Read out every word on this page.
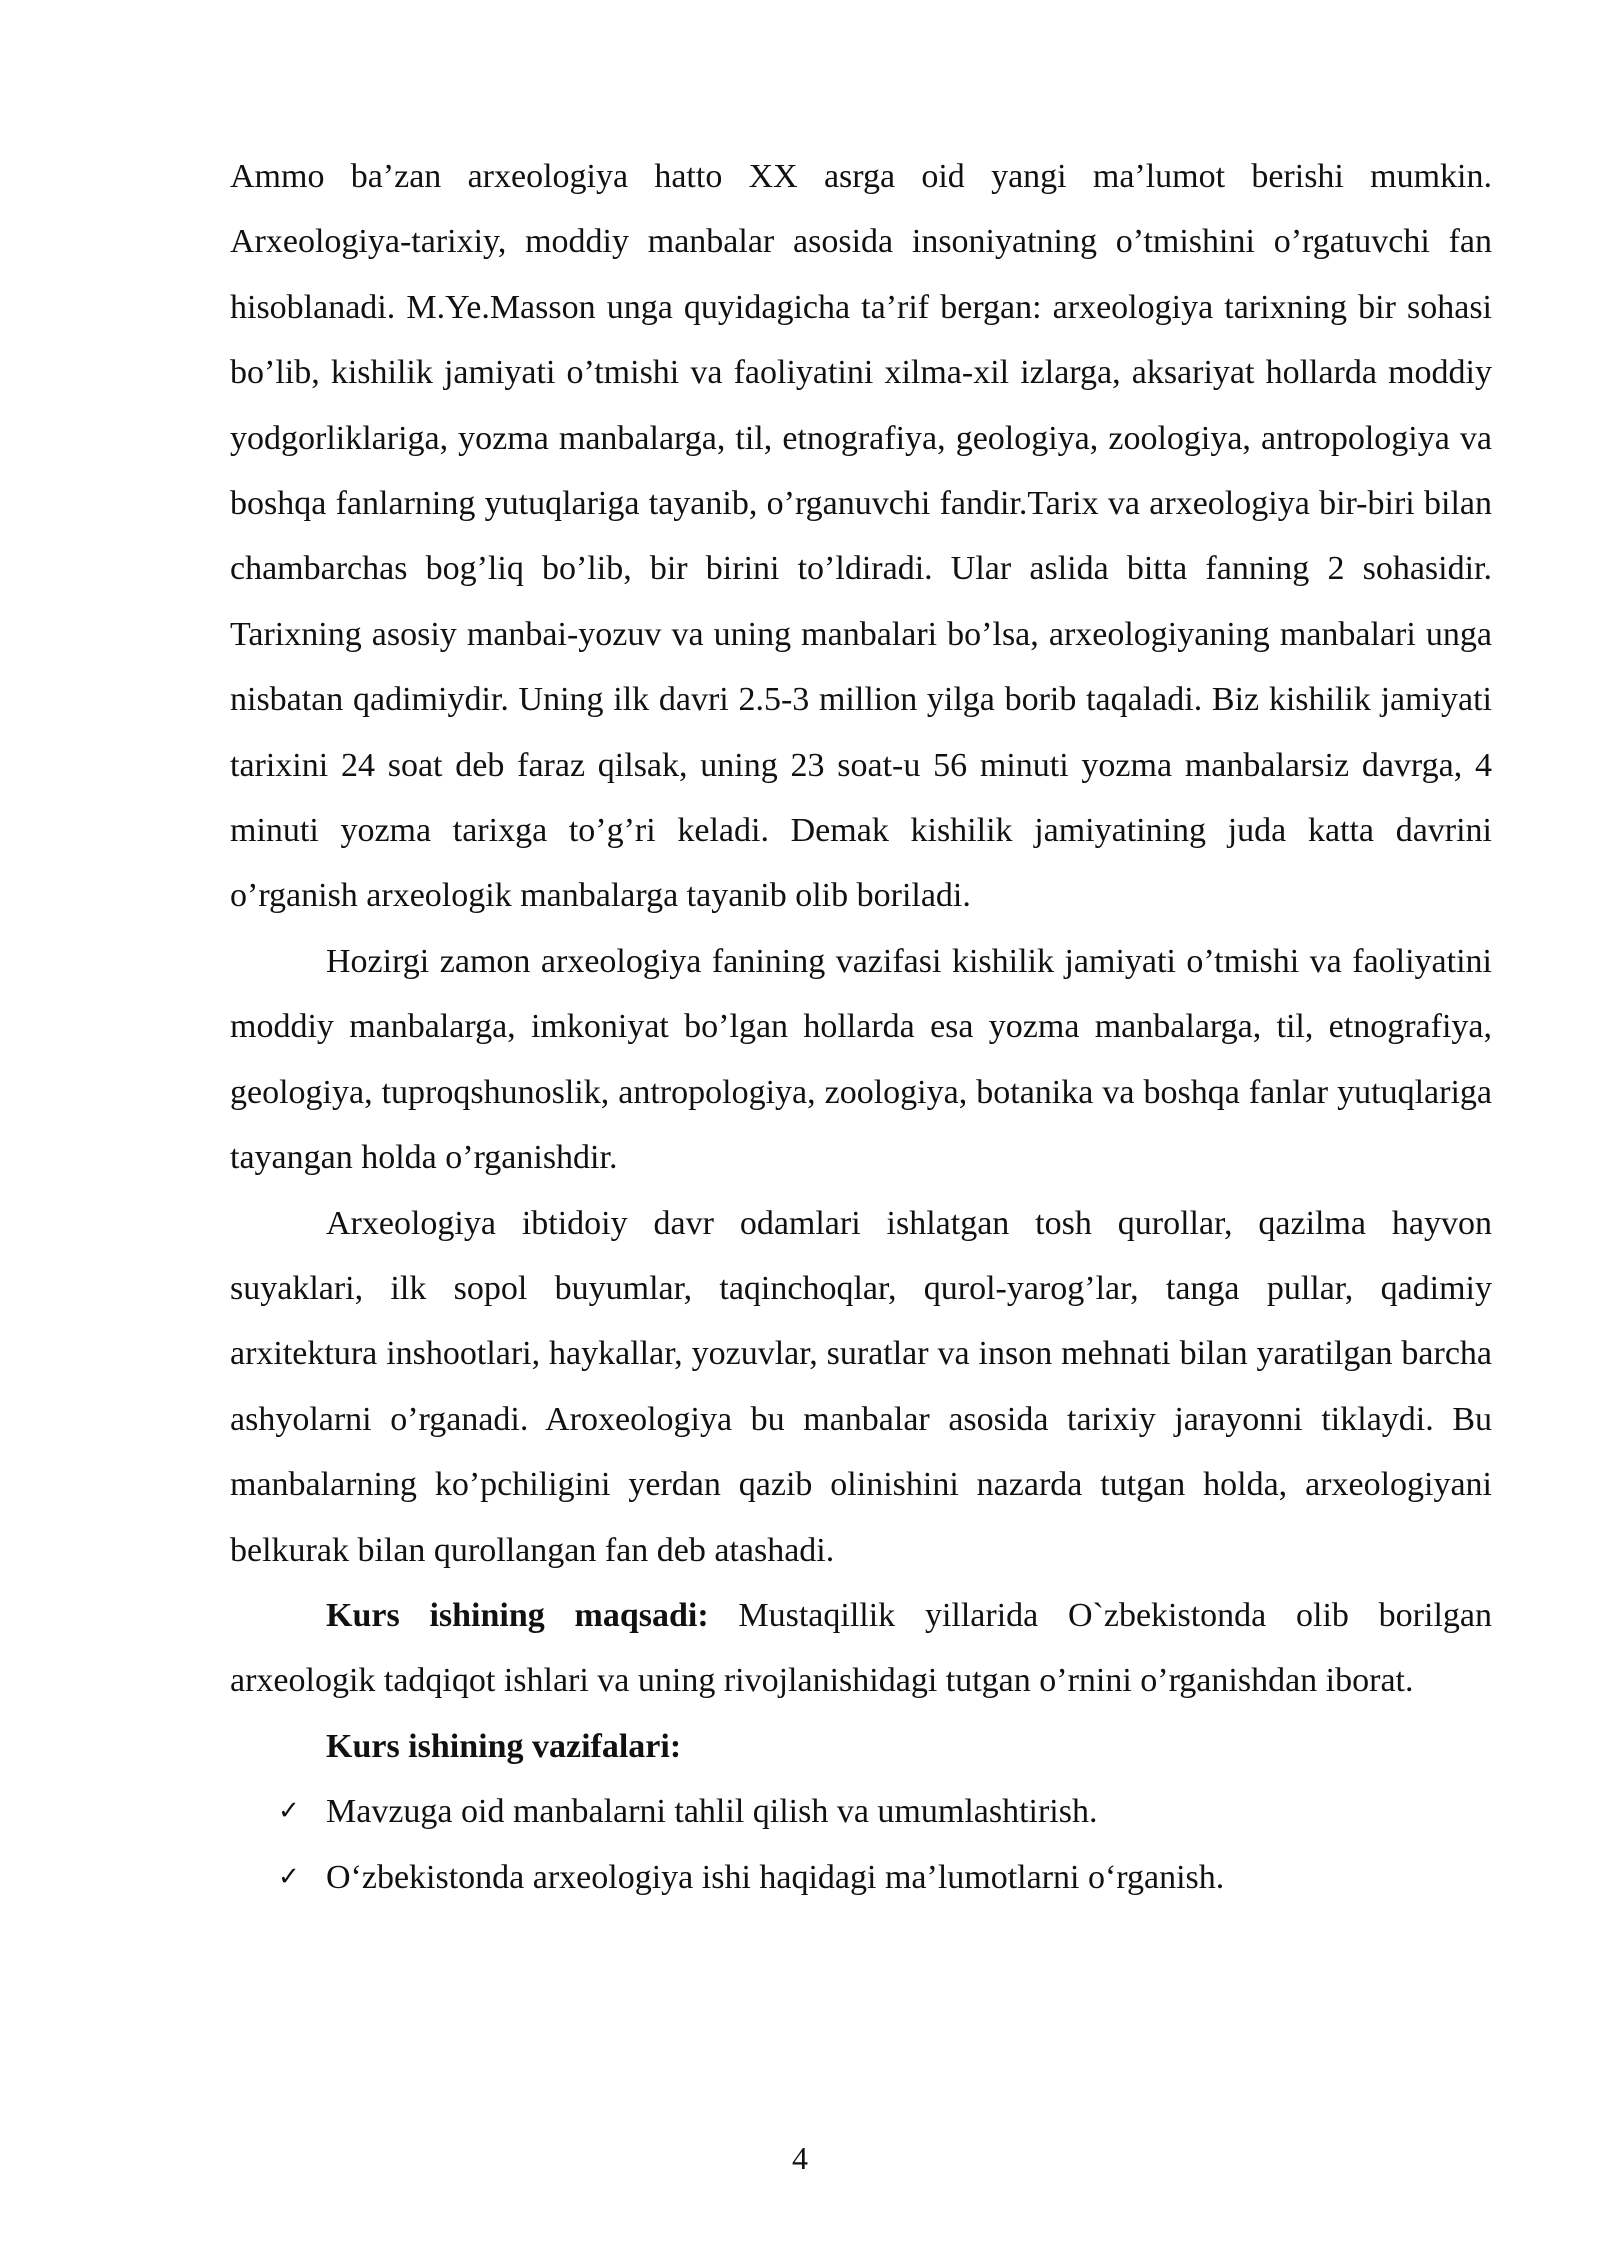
Ammo ba’zan arxeologiya hatto XX asrga oid yangi ma’lumot berishi mumkin. Arxeologiya-tarixiy, moddiy manbalar asosida insoniyatning o’tmishini o’rgatuvchi fan hisoblanadi. M.Ye.Masson unga quyidagicha ta’rif bergan: arxeologiya tarixning bir sohasi bo’lib, kishilik jamiyati o’tmishi va faoliyatini xilma-xil izlarga, aksariyat hollarda moddiy yodgorliklariga, yozma manbalarga, til, etnografiya, geologiya, zoologiya, antropologiya va boshqa fanlarning yutuqlariga tayanib, o’rganuvchi fandir.Tarix va arxeologiya bir-biri bilan chambarchas bog’liq bo’lib, bir birini to’ldiradi. Ular aslida bitta fanning 2 sohasidir. Tarixning asosiy manbai-yozuv va uning manbalari bo’lsa, arxeologiyaning manbalari unga nisbatan qadimiydir. Uning ilk davri 2.5-3 million yilga borib taqaladi. Biz kishilik jamiyati tarixini 24 soat deb faraz qilsak, uning 23 soat-u 56 minuti yozma manbalarsiz davrga, 4 minuti yozma tarixga to’g’ri keladi. Demak kishilik jamiyatining juda katta davrini o’rganish arxeologik manbalarga tayanib olib boriladi.

Hozirgi zamon arxeologiya fanining vazifasi kishilik jamiyati o’tmishi va faoliyatini moddiy manbalarga, imkoniyat bo’lgan hollarda esa yozma manbalarga, til, etnografiya, geologiya, tuproqshunoslik, antropologiya, zoologiya, botanika va boshqa fanlar yutuqlariga tayangan holda o’rganishdir.

Arxeologiya ibtidoiy davr odamlari ishlatgan tosh qurollar, qazilma hayvon suyaklari, ilk sopol buyumlar, taqinchoqlar, qurol-yarog’lar, tanga pullar, qadimiy arxitektura inshootlari, haykallar, yozuvlar, suratlar va inson mehnati bilan yaratilgan barcha ashyolarni o’rganadi. Aroxeologiya bu manbalar asosida tarixiy jarayonni tiklaydi. Bu manbalarning ko’pchiligini yerdan qazib olinishini nazarda tutgan holda, arxeologiyani belkurak bilan qurollangan fan deb atashadi.

Kurs ishining maqsadi: Mustaqillik yillarida O`zbekistonda olib borilgan arxeologik tadqiqot ishlari va uning rivojlanishidagi tutgan o’rnini o’rganishdan iborat.

Kurs ishining vazifalari:

✓ Mavzuga oid manbalarni tahlil qilish va umumlashtirish.
✓ O‘zbekistonda arxeologiya ishi haqidagi ma’lumotlarni o‘rganish.
4
